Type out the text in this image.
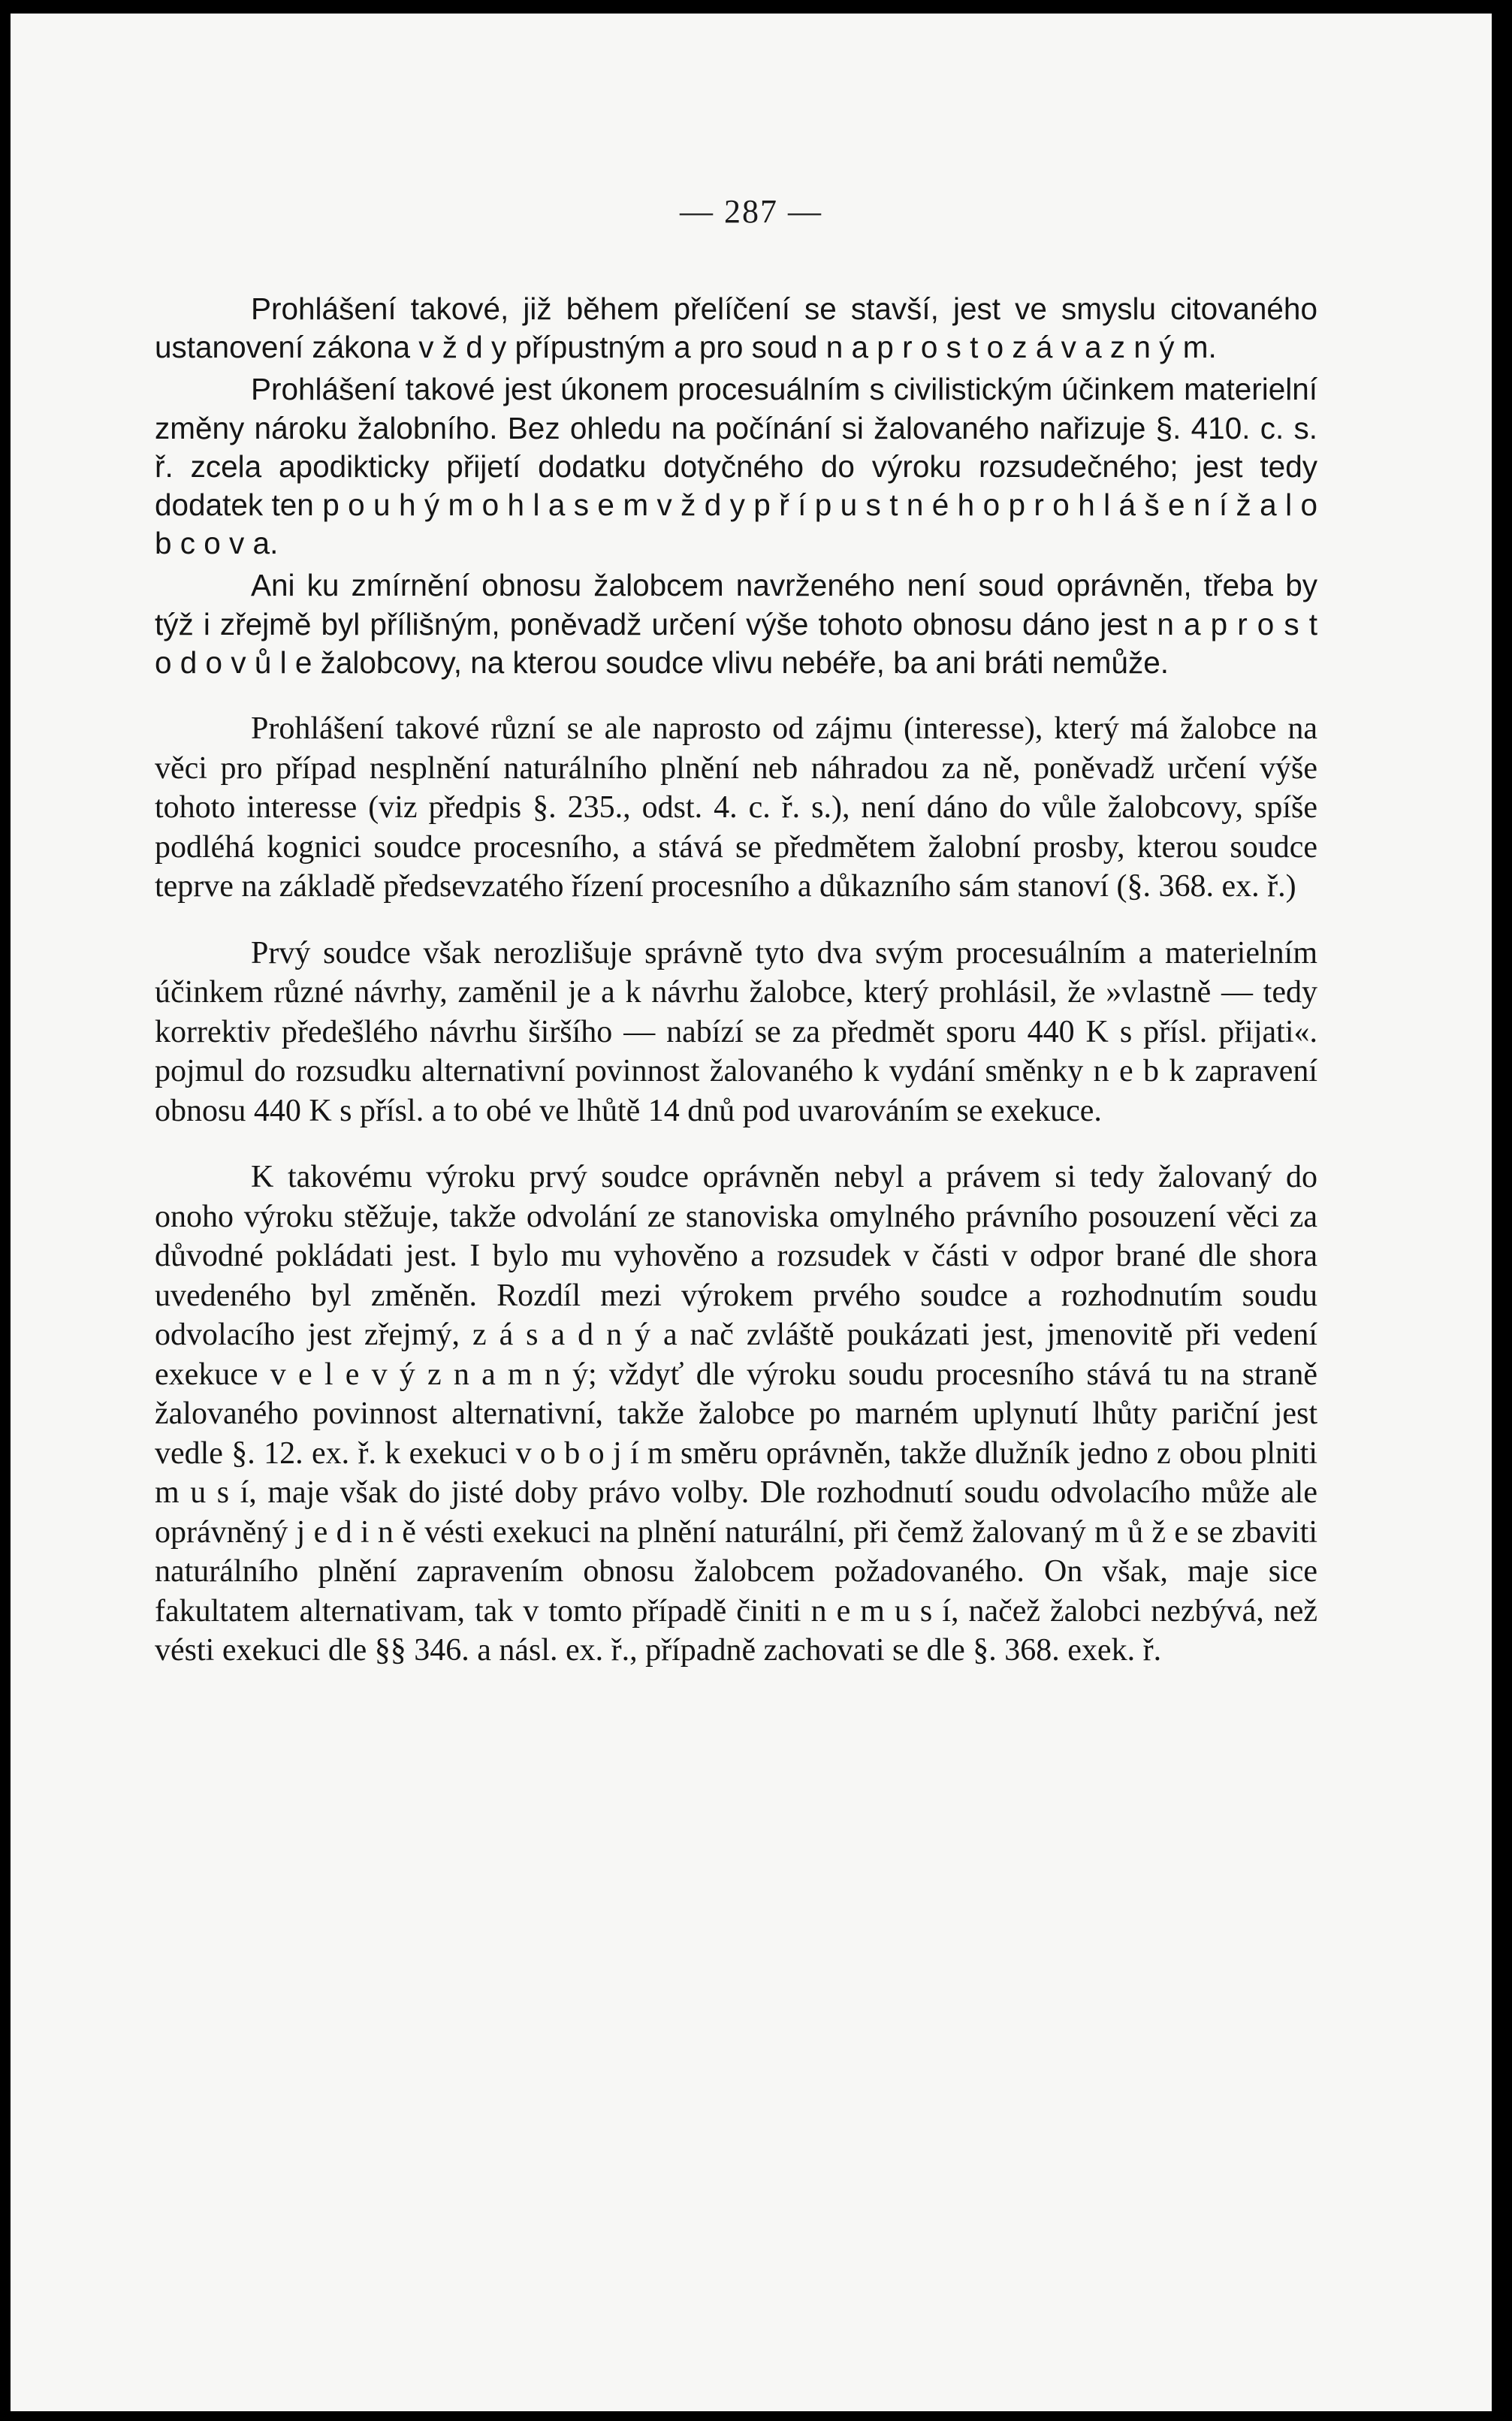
— 287 —

Prohlášení takové, již během přelíčení se stavší, jest ve smyslu citovaného ustanovení zákona v ž d y přípustným a pro soud n a p r o s t o z á v a z n ý m.

Prohlášení takové jest úkonem procesuálním s civilistickým účinkem materielní změny nároku žalobního. Bez ohledu na počínání si žalovaného nařizuje §. 410. c. s. ř. zcela apodikticky přijetí dodatku dotyčného do výroku rozsudečného; jest tedy dodatek ten p o u h ý m o h l a s e m v ž d y p ř í p u s t n é h o p r o h l á š e n í ž a l o b c o v a.

Ani ku zmírnění obnosu žalobcem navrženého není soud oprávněn, třeba by týž i zřejmě byl přílišným, poněvadž určení výše tohoto obnosu dáno jest n a p r o s t o d o v ů l e žalobcovy, na kterou soudce vlivu nebéře, ba ani bráti nemůže.

Prohlášení takové různí se ale naprosto od zájmu (interesse), který má žalobce na věci pro případ nesplnění naturálního plnění neb náhradou za ně, poněvadž určení výše tohoto interesse (viz předpis §. 235., odst. 4. c. ř. s.), není dáno do vůle žalobcovy, spíše podléhá kognici soudce procesního, a stává se předmětem žalobní prosby, kterou soudce teprve na základě předsevzatého řízení procesního a důkazního sám stanoví (§. 368. ex. ř.)

Prvý soudce však nerozlišuje správně tyto dva svým procesuálním a materielním účinkem různé návrhy, zaměnil je a k návrhu žalobce, který prohlásil, že »vlastně — tedy korrektiv předešlého návrhu širšího — nabízí se za předmět sporu 440 K s přísl. přijati«. pojmul do rozsudku alternativní povinnost žalovaného k vydání směnky n e b k zapravení obnosu 440 K s přísl. a to obé ve lhůtě 14 dnů pod uvarováním se exekuce.

K takovému výroku prvý soudce oprávněn nebyl a právem si tedy žalovaný do onoho výroku stěžuje, takže odvolání ze stanoviska omylného právního posouzení věci za důvodné pokládati jest. I bylo mu vyhověno a rozsudek v části v odpor brané dle shora uvedeného byl změněn. Rozdíl mezi výrokem prvého soudce a rozhodnutím soudu odvolacího jest zřejmý, z á s a d n ý a nač zvláště poukázati jest, jmenovitě při vedení exekuce v e l e v ý z n a m n ý; vždyť dle výroku soudu procesního stává tu na straně žalovaného povinnost alternativní, takže žalobce po marném uplynutí lhůty pariční jest vedle §. 12. ex. ř. k exekuci v o b o j í m směru oprávněn, takže dlužník jedno z obou plniti m u s í, maje však do jisté doby právo volby. Dle rozhodnutí soudu odvolacího může ale oprávněný j e d i n ě vésti exekuci na plnění naturální, při čemž žalovaný m ů ž e se zbaviti naturálního plnění zapravením obnosu žalobcem požadovaného. On však, maje sice fakultatem alternativam, tak v tomto případě činiti n e m u s í, načež žalobci nezbývá, než vésti exekuci dle §§ 346. a násl. ex. ř., případně zachovati se dle §. 368. exek. ř.
